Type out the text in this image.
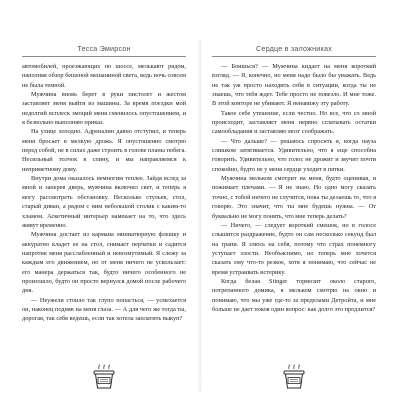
Тесса Эмирсон

автомобилей, проезжающих по шоссе, мелькают рядом, наполняя обзор бешеной мешаниной света, ведь ночь совсем не была темной.

Мужчина вновь берет в руки пистолет и жестом заставляет меня выйти из машины. За время поездки мой недолгий всплеск эмоций меня сменилось опустошением, и я безвольно выполняю приказ.

На улице холодно. Адреналин давно отступил, и теперь меня бросает в мелкую дрожь. Я опустошенно смотрю перед собой, не в силах даже строить в голове планы побега. Несильный толчок в спину, и мы направляемся к неприметному дому.

Внутри дома оказалось немногим теплее. Зайдя вслед за мной и заперев дверь, мужчина включил свет, и теперь я могу рассмотреть обстановку. Несколько стульев, стол, старый диван, а рядом с ним небольшой столик с каким-то хламом. Аскетичный интерьер намекает на то, что здесь живут временно.

Мужчина достает из кармана миниатюрную флешку и аккуратно кладет ее на стол, снимает перчатки и садится напротив меня расслабленный и невозмутимый. Я слежу за каждым его движением, но от меня ничего не ускользает: его манера держаться так, будто ничего особенного не произошло, будто он просто вернулся домой после рабочего дня.

— Неужели стоило так глупо попасться, — усмехается он, наконец подняв на меня глаза. — А для чего же тогда ты, дорогая, так себя ведешь, если так хотела заплатить выкуп?

Сердце в заложниках

— Боишься? — Мужчина кидает на меня короткий взгляд. — Я, конечно, но меня надо было бы уважать. Ведь не так уж просто находить себя в ситуации, когда ты не знаешь, что тебя ждет. Тебе просто не повезло. И мне тоже. В этой конторе не убивают. Я ненавижу эту работу.

Такое себе утешение, если честно. Но все, что со мной происходит, заставляет меня нервно сглатывать остатки самообладания и заставляю мозг соображать.

— Что дальше? — решаюсь спросить я, когда пауза слишком затягивается. Удивительно, что я еще способна говорить. Удивительно, что голос не дрожит и звучит почти спокойно, будто не у меня сердце уходит в пятки.

Мужчина мельком смотрит на меня, будто оценивая, и пожимает плечами. — Я не знаю. Но одно могу сказать точно, с тобой ничего не случится, пока ты делаешь то, что я говорю. Это значит, что ты мне будешь нужна. — От буквально не могу понять, что мне теперь делать?

— Ничего, — следует короткий смешок, но в голосе слышится раздражение, будто он сам несколько секунд был на грани. Я злюсь на себя, потому что страх понемногу уступает злости. Необъяснимо, но теперь мне хочется сказать ему что-то резкое, хотя я понимаю, что сейчас не время устраивать истерику.

Когда белая Stinger тормозит около старого, потрепанного домика, я мельком смотрю на окно и понимаю, что мы уже где-то за пределами Детройта, и мне больше не дает покоя один вопрос: как долго это продлится?
